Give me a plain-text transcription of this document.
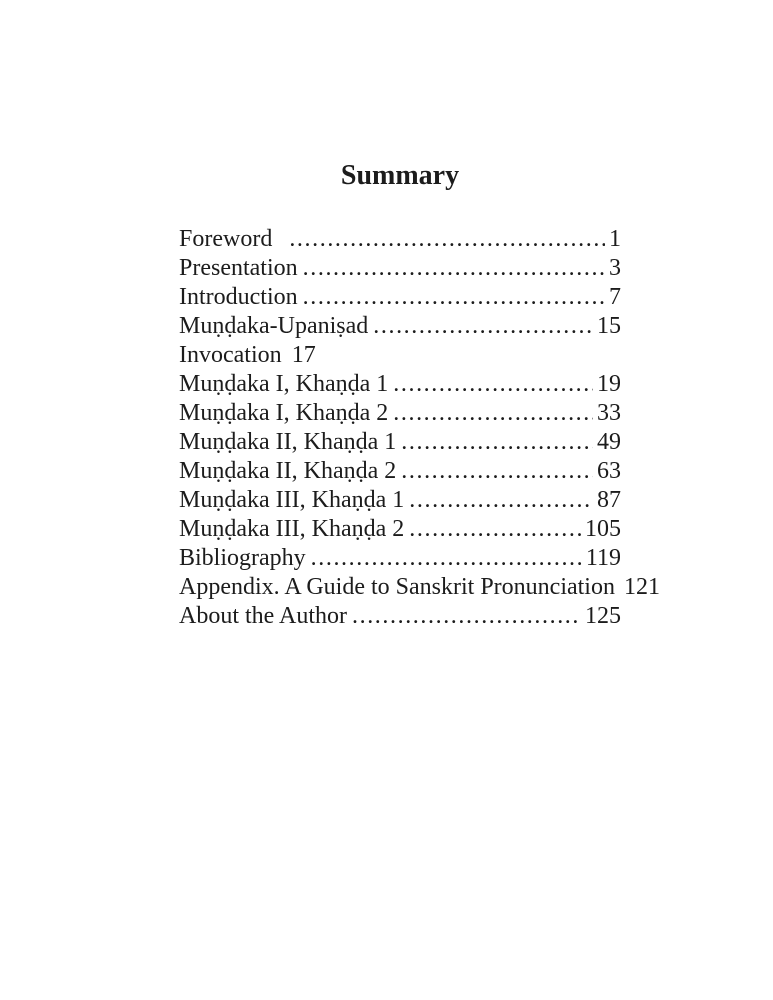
Summary
Foreword .....	1
Presentation .....	3
Introduction .....	7
Muṇḍaka-Upaniṣad .....	15
Invocation 17
Muṇḍaka I, Khaṇḍa 1 .....	19
Muṇḍaka I, Khaṇḍa 2 .....	33
Muṇḍaka II, Khaṇḍa 1 .....	49
Muṇḍaka II, Khaṇḍa 2 .....	63
Muṇḍaka III, Khaṇḍa 1 .....	87
Muṇḍaka III, Khaṇḍa 2 .....	105
Bibliography .....	119
Appendix. A Guide to Sanskrit Pronunciation 121
About the Author .....	125
